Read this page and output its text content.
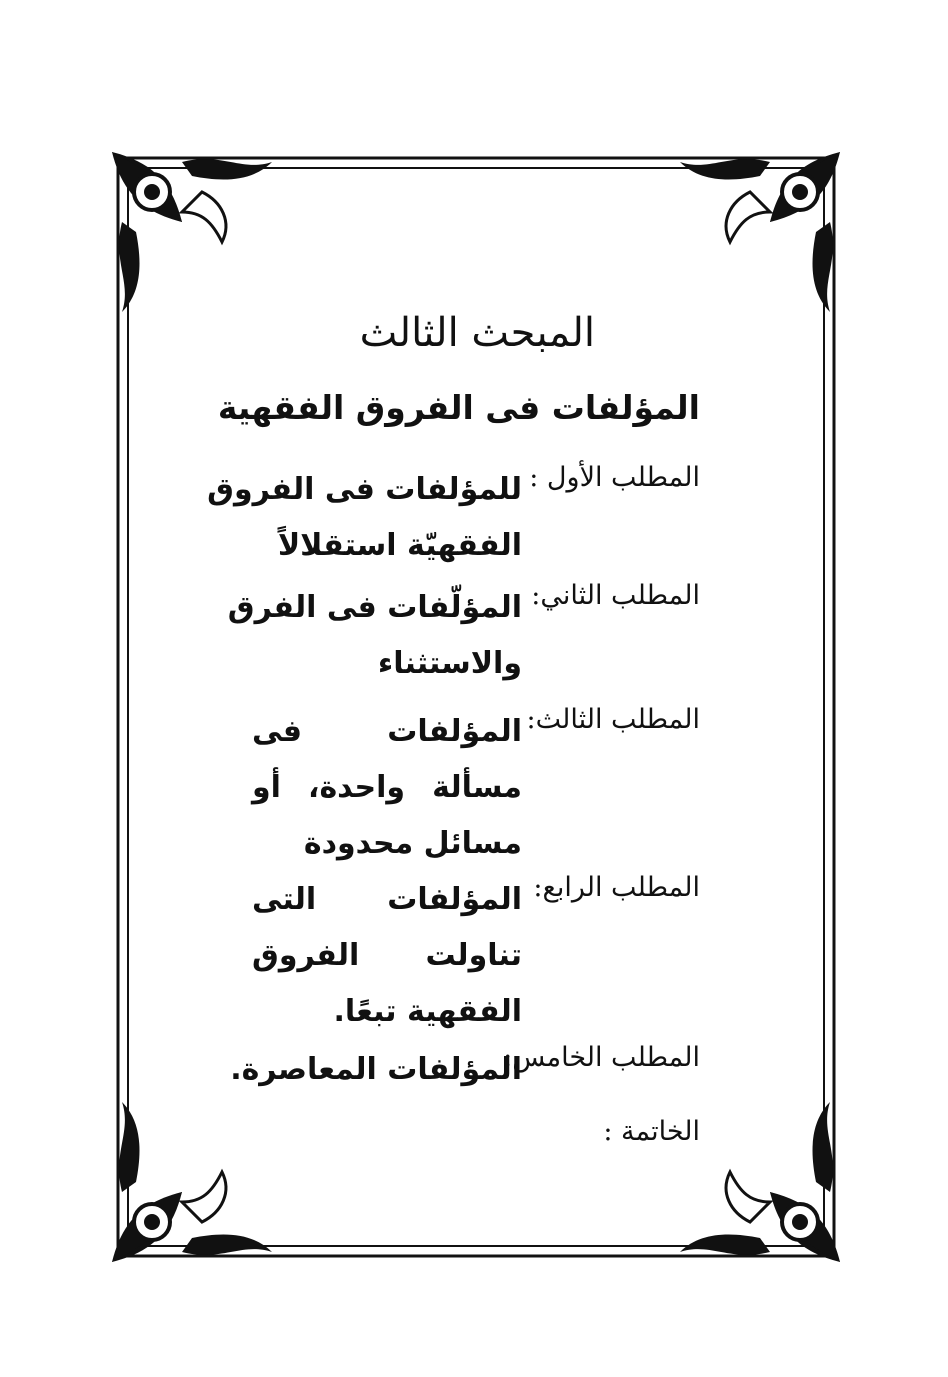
المبحث الثالث
المؤلفات فى الفروق الفقهية
المطلب الأول :
للمؤلفات فى الفروق
الفقهيّة استقلالاً
المطلب الثاني:
المؤلّفات فى الفرق
والاستثناء
المطلب الثالث:
المؤلفات فى
مسألة واحدة، أو
مسائل محدودة
المطلب الرابع:
المؤلفات التى
تناولت الفروق
الفقهية تبعًا.
المطلب الخامس:
المؤلفات المعاصرة.
الخاتمة :
